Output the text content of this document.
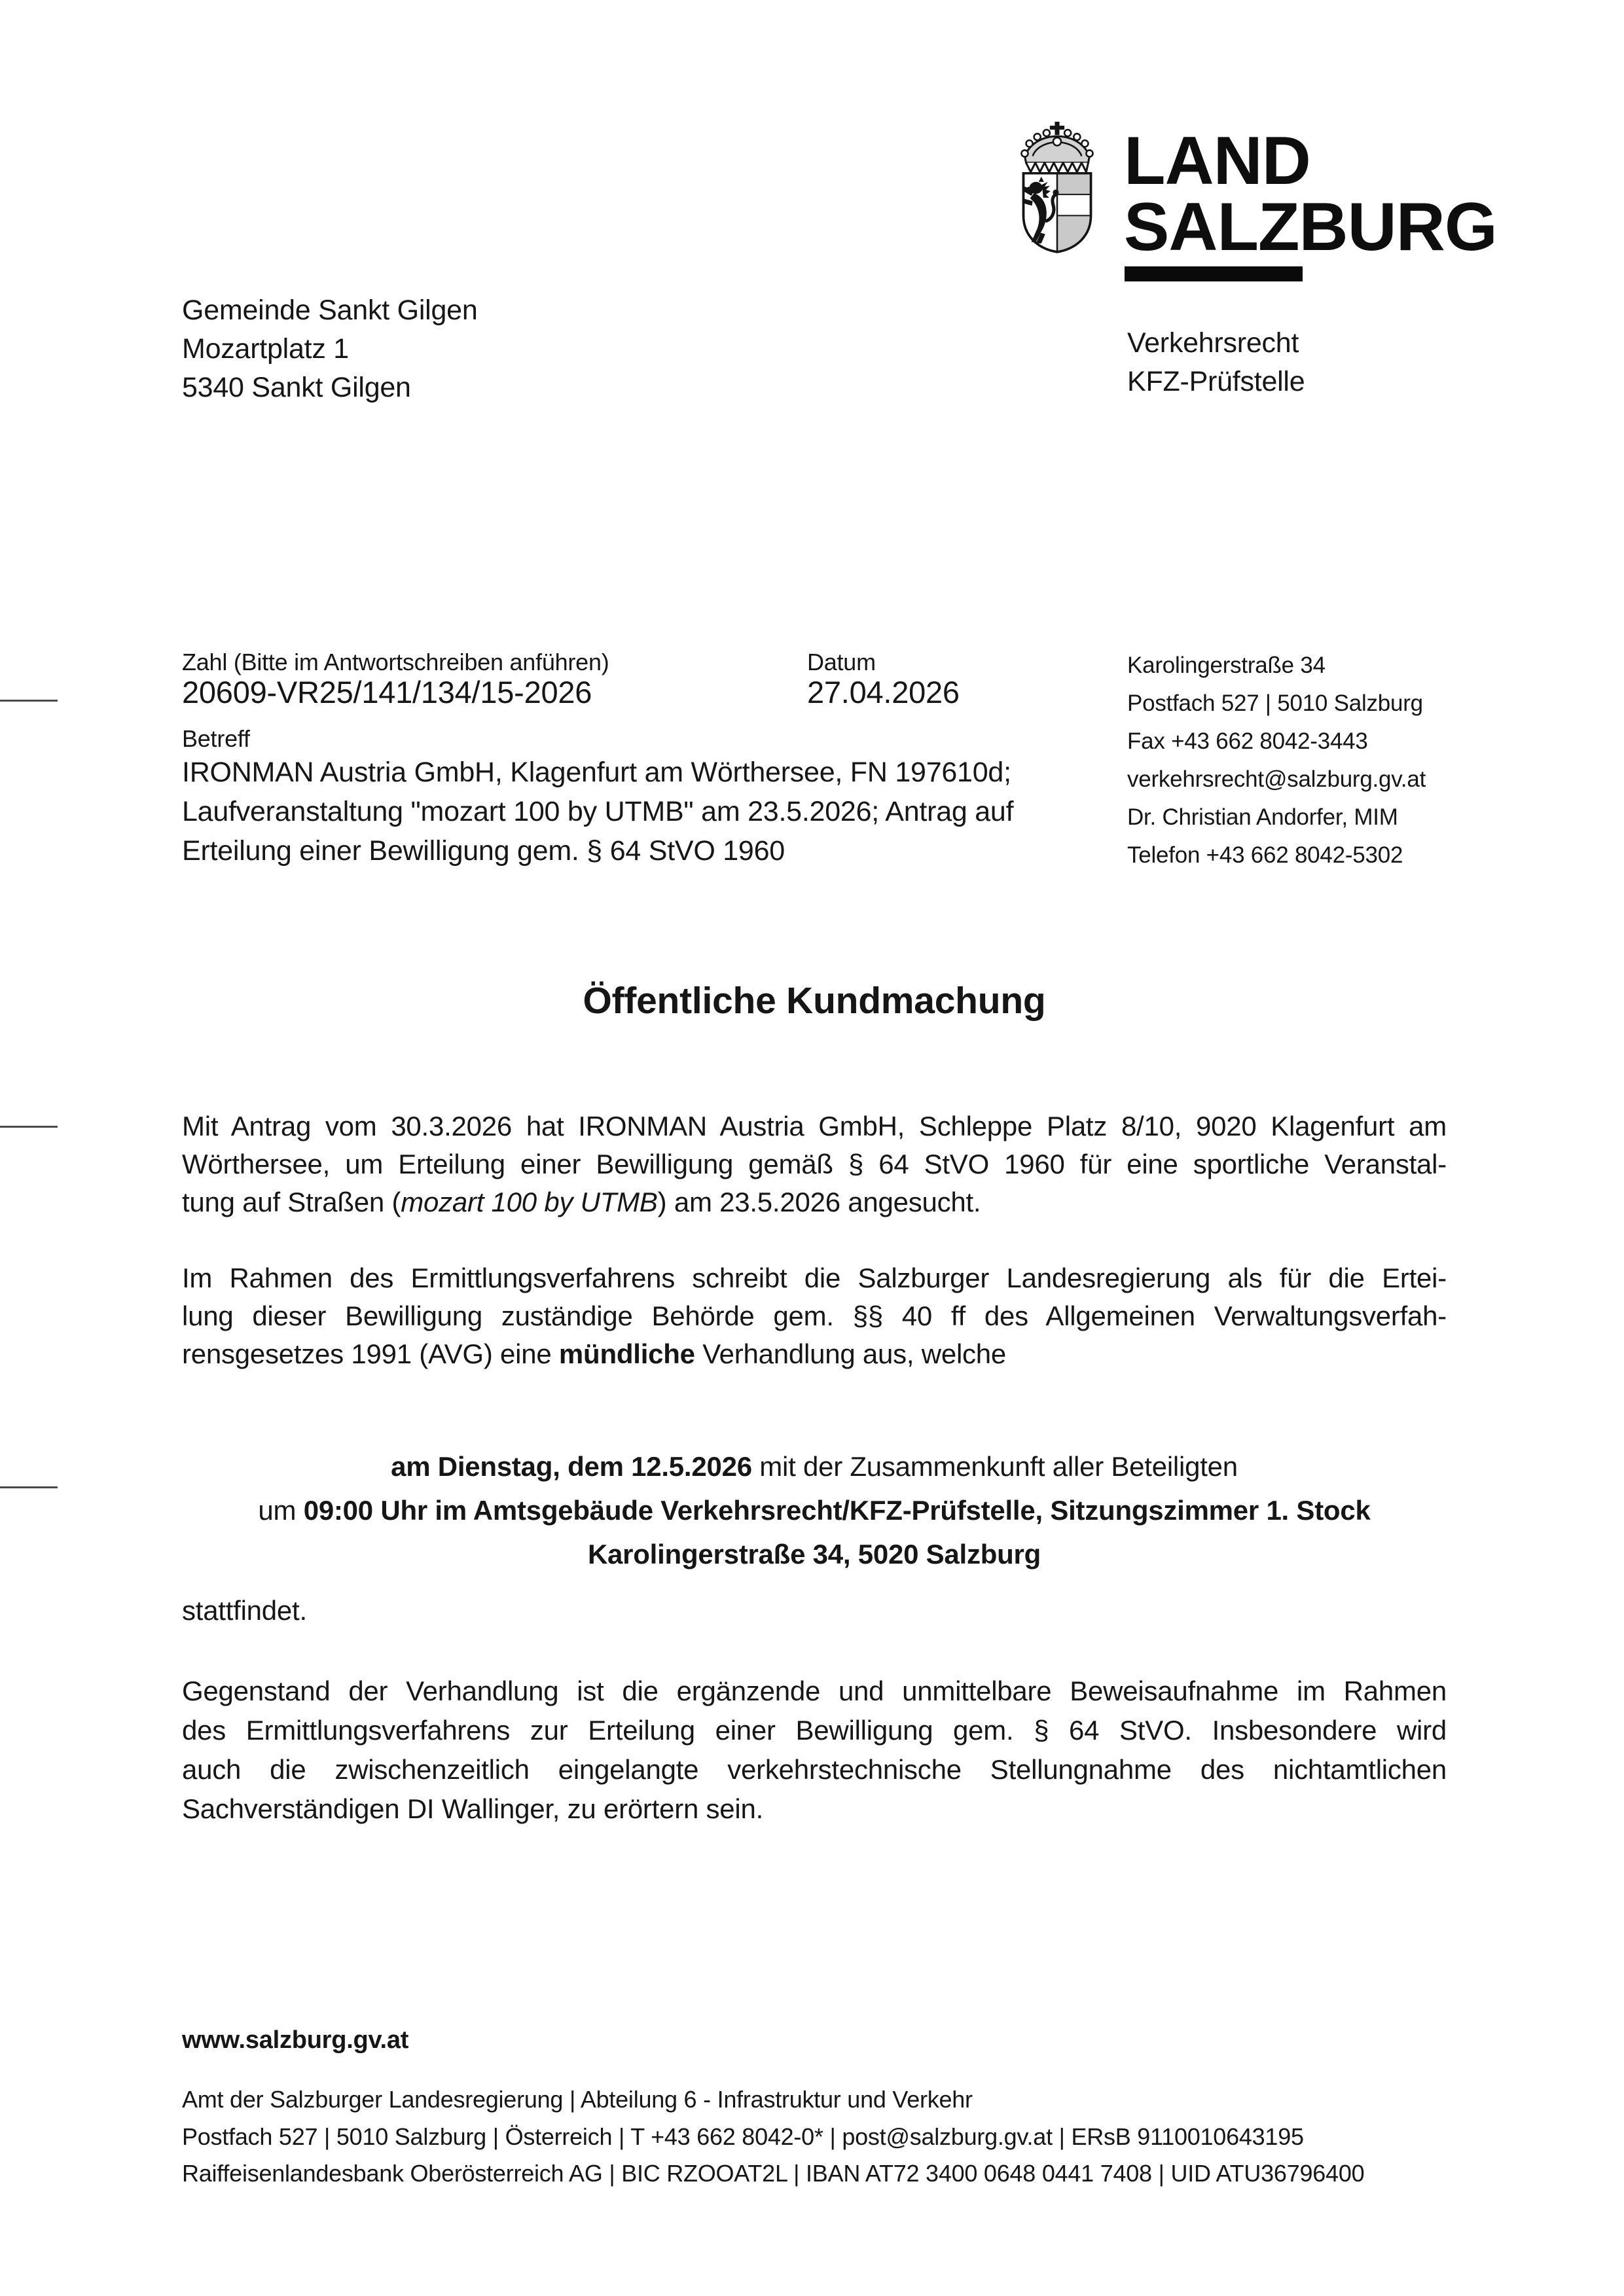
LAND
SALZBURG
Gemeinde Sankt Gilgen
Mozartplatz 1
5340 Sankt Gilgen
Verkehrsrecht
KFZ-Prüfstelle
Zahl (Bitte im Antwortschreiben anführen)
20609-VR25/141/134/15-2026
Datum
27.04.2026
Karolingerstraße 34
Postfach 527 | 5010 Salzburg
Fax +43 662 8042-3443
verkehrsrecht@salzburg.gv.at
Dr. Christian Andorfer, MIM
Telefon +43 662 8042-5302
Betreff
IRONMAN Austria GmbH, Klagenfurt am Wörthersee, FN 197610d;
Laufveranstaltung "mozart 100 by UTMB" am 23.5.2026; Antrag auf
Erteilung einer Bewilligung gem. § 64 StVO 1960
Öffentliche Kundmachung
Mit Antrag vom 30.3.2026 hat IRONMAN Austria GmbH, Schleppe Platz 8/10, 9020 Klagenfurt am
Wörthersee, um Erteilung einer Bewilligung gemäß § 64 StVO 1960 für eine sportliche Veranstal-
tung auf Straßen (mozart 100 by UTMB) am 23.5.2026 angesucht.
Im Rahmen des Ermittlungsverfahrens schreibt die Salzburger Landesregierung als für die Ertei-
lung dieser Bewilligung zuständige Behörde gem. §§ 40 ff des Allgemeinen Verwaltungsverfah-
rensgesetzes 1991 (AVG) eine mündliche Verhandlung aus, welche
am Dienstag, dem 12.5.2026 mit der Zusammenkunft aller Beteiligten
um 09:00 Uhr im Amtsgebäude Verkehrsrecht/KFZ-Prüfstelle, Sitzungszimmer 1. Stock
Karolingerstraße 34, 5020 Salzburg
stattfindet.
Gegenstand der Verhandlung ist die ergänzende und unmittelbare Beweisaufnahme im Rahmen
des Ermittlungsverfahrens zur Erteilung einer Bewilligung gem. § 64 StVO. Insbesondere wird
auch die zwischenzeitlich eingelangte verkehrstechnische Stellungnahme des nichtamtlichen
Sachverständigen DI Wallinger, zu erörtern sein.
www.salzburg.gv.at
Amt der Salzburger Landesregierung | Abteilung 6 - Infrastruktur und Verkehr
Postfach 527 | 5010 Salzburg | Österreich | T +43 662 8042-0* | post@salzburg.gv.at | ERsB 9110010643195
Raiffeisenlandesbank Oberösterreich AG | BIC RZOOAT2L | IBAN AT72 3400 0648 0441 7408 | UID ATU36796400
